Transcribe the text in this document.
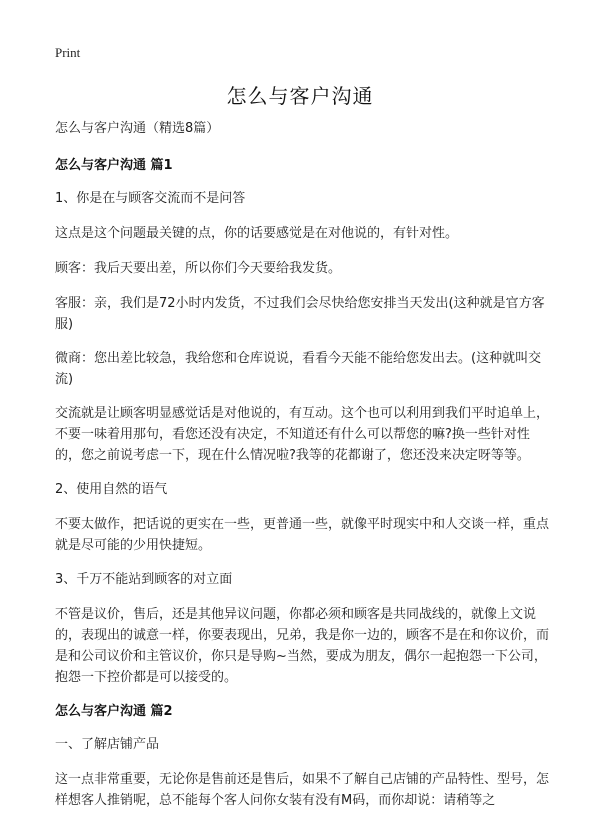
Print
怎么与客户沟通

怎么与客户沟通（精选8篇）

怎么与客户沟通 篇1

1、你是在与顾客交流而不是问答

这点是这个问题最关键的点，你的话要感觉是在对他说的，有针对性。

顾客：我后天要出差，所以你们今天要给我发货。

客服：亲，我们是72小时内发货，不过我们会尽快给您安排当天发出(这种就是官方客服)

微商：您出差比较急，我给您和仓库说说，看看今天能不能给您发出去。(这种就叫交流)

交流就是让顾客明显感觉话是对他说的，有互动。这个也可以利用到我们平时追单上，不要一味着用那句，看您还没有决定，不知道还有什么可以帮您的嘛?换一些针对性的，您之前说考虑一下，现在什么情况啦?我等的花都谢了，您还没来决定呀等等。

2、使用自然的语气

不要太做作，把话说的更实在一些，更普通一些，就像平时现实中和人交谈一样，重点就是尽可能的少用快捷短。

3、千万不能站到顾客的对立面

不管是议价，售后，还是其他异议问题，你都必须和顾客是共同战线的，就像上文说的，表现出的诚意一样，你要表现出，兄弟，我是你一边的，顾客不是在和你议价，而是和公司议价和主管议价，你只是导购~当然，要成为朋友，偶尔一起抱怨一下公司，抱怨一下控价都是可以接受的。

怎么与客户沟通 篇2

一、了解店铺产品

这一点非常重要，无论你是售前还是售后，如果不了解自己店铺的产品特性、型号，怎样想客人推销呢，总不能每个客人问你女装有没有M码，而你却说：请稍等之
